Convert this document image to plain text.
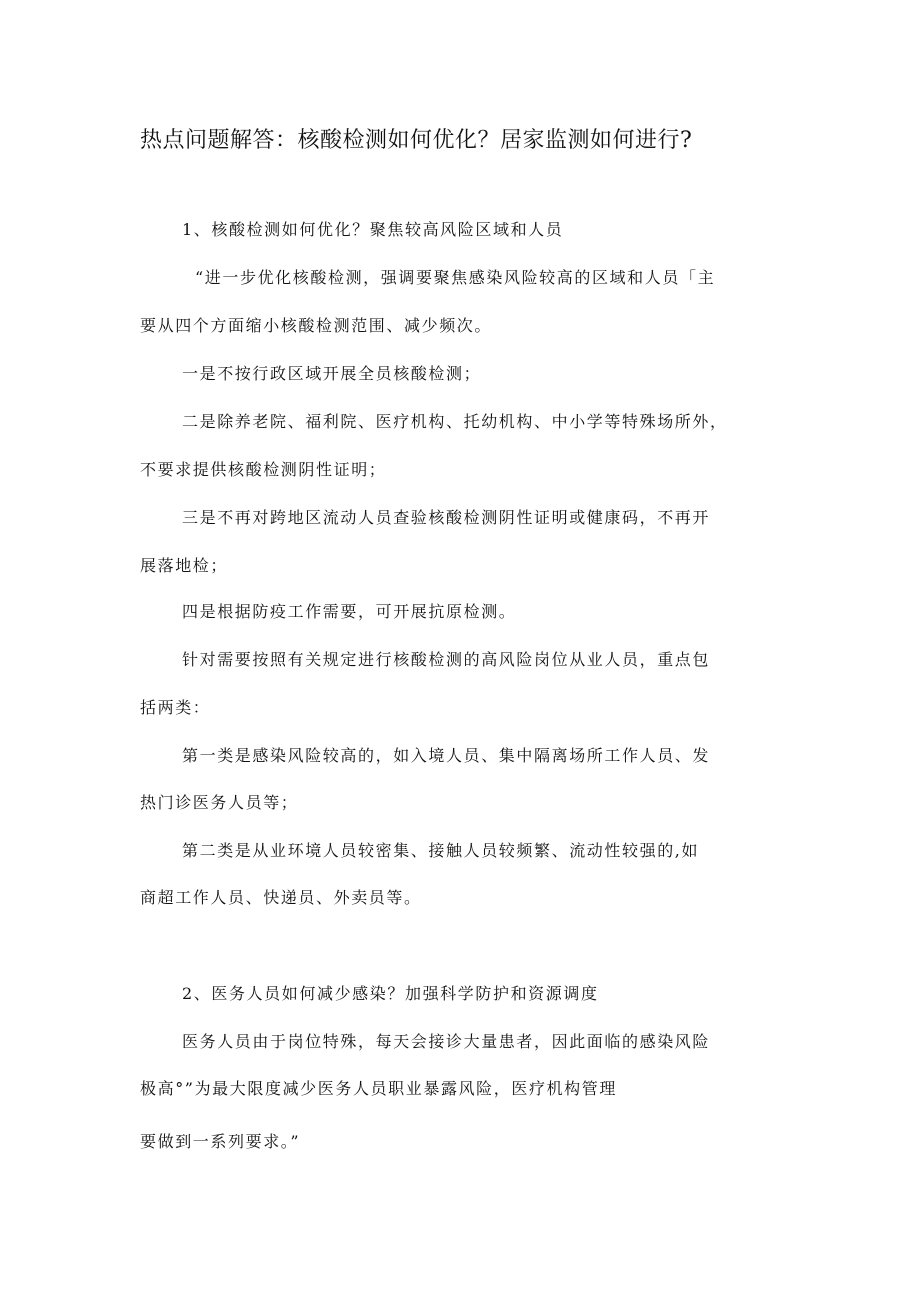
热点问题解答：核酸检测如何优化？居家监测如何进行?
1、核酸检测如何优化？聚焦较高风险区域和人员
“进一步优化核酸检测，强调要聚焦感染风险较高的区域和人员「主
要从四个方面缩小核酸检测范围、减少频次。
一是不按行政区域开展全员核酸检测；
二是除养老院、福利院、医疗机构、托幼机构、中小学等特殊场所外，
不要求提供核酸检测阴性证明；
三是不再对跨地区流动人员查验核酸检测阴性证明或健康码，不再开
展落地检；
四是根据防疫工作需要，可开展抗原检测。
针对需要按照有关规定进行核酸检测的高风险岗位从业人员，重点包
括两类：
第一类是感染风险较高的，如入境人员、集中隔离场所工作人员、发
热门诊医务人员等；
第二类是从业环境人员较密集、接触人员较频繁、流动性较强的,如
商超工作人员、快递员、外卖员等。
2、医务人员如何减少感染？加强科学防护和资源调度
医务人员由于岗位特殊，每天会接诊大量患者，因此面临的感染风险
极高°”为最大限度减少医务人员职业暴露风险，医疗机构管理
要做到一系列要求。”
